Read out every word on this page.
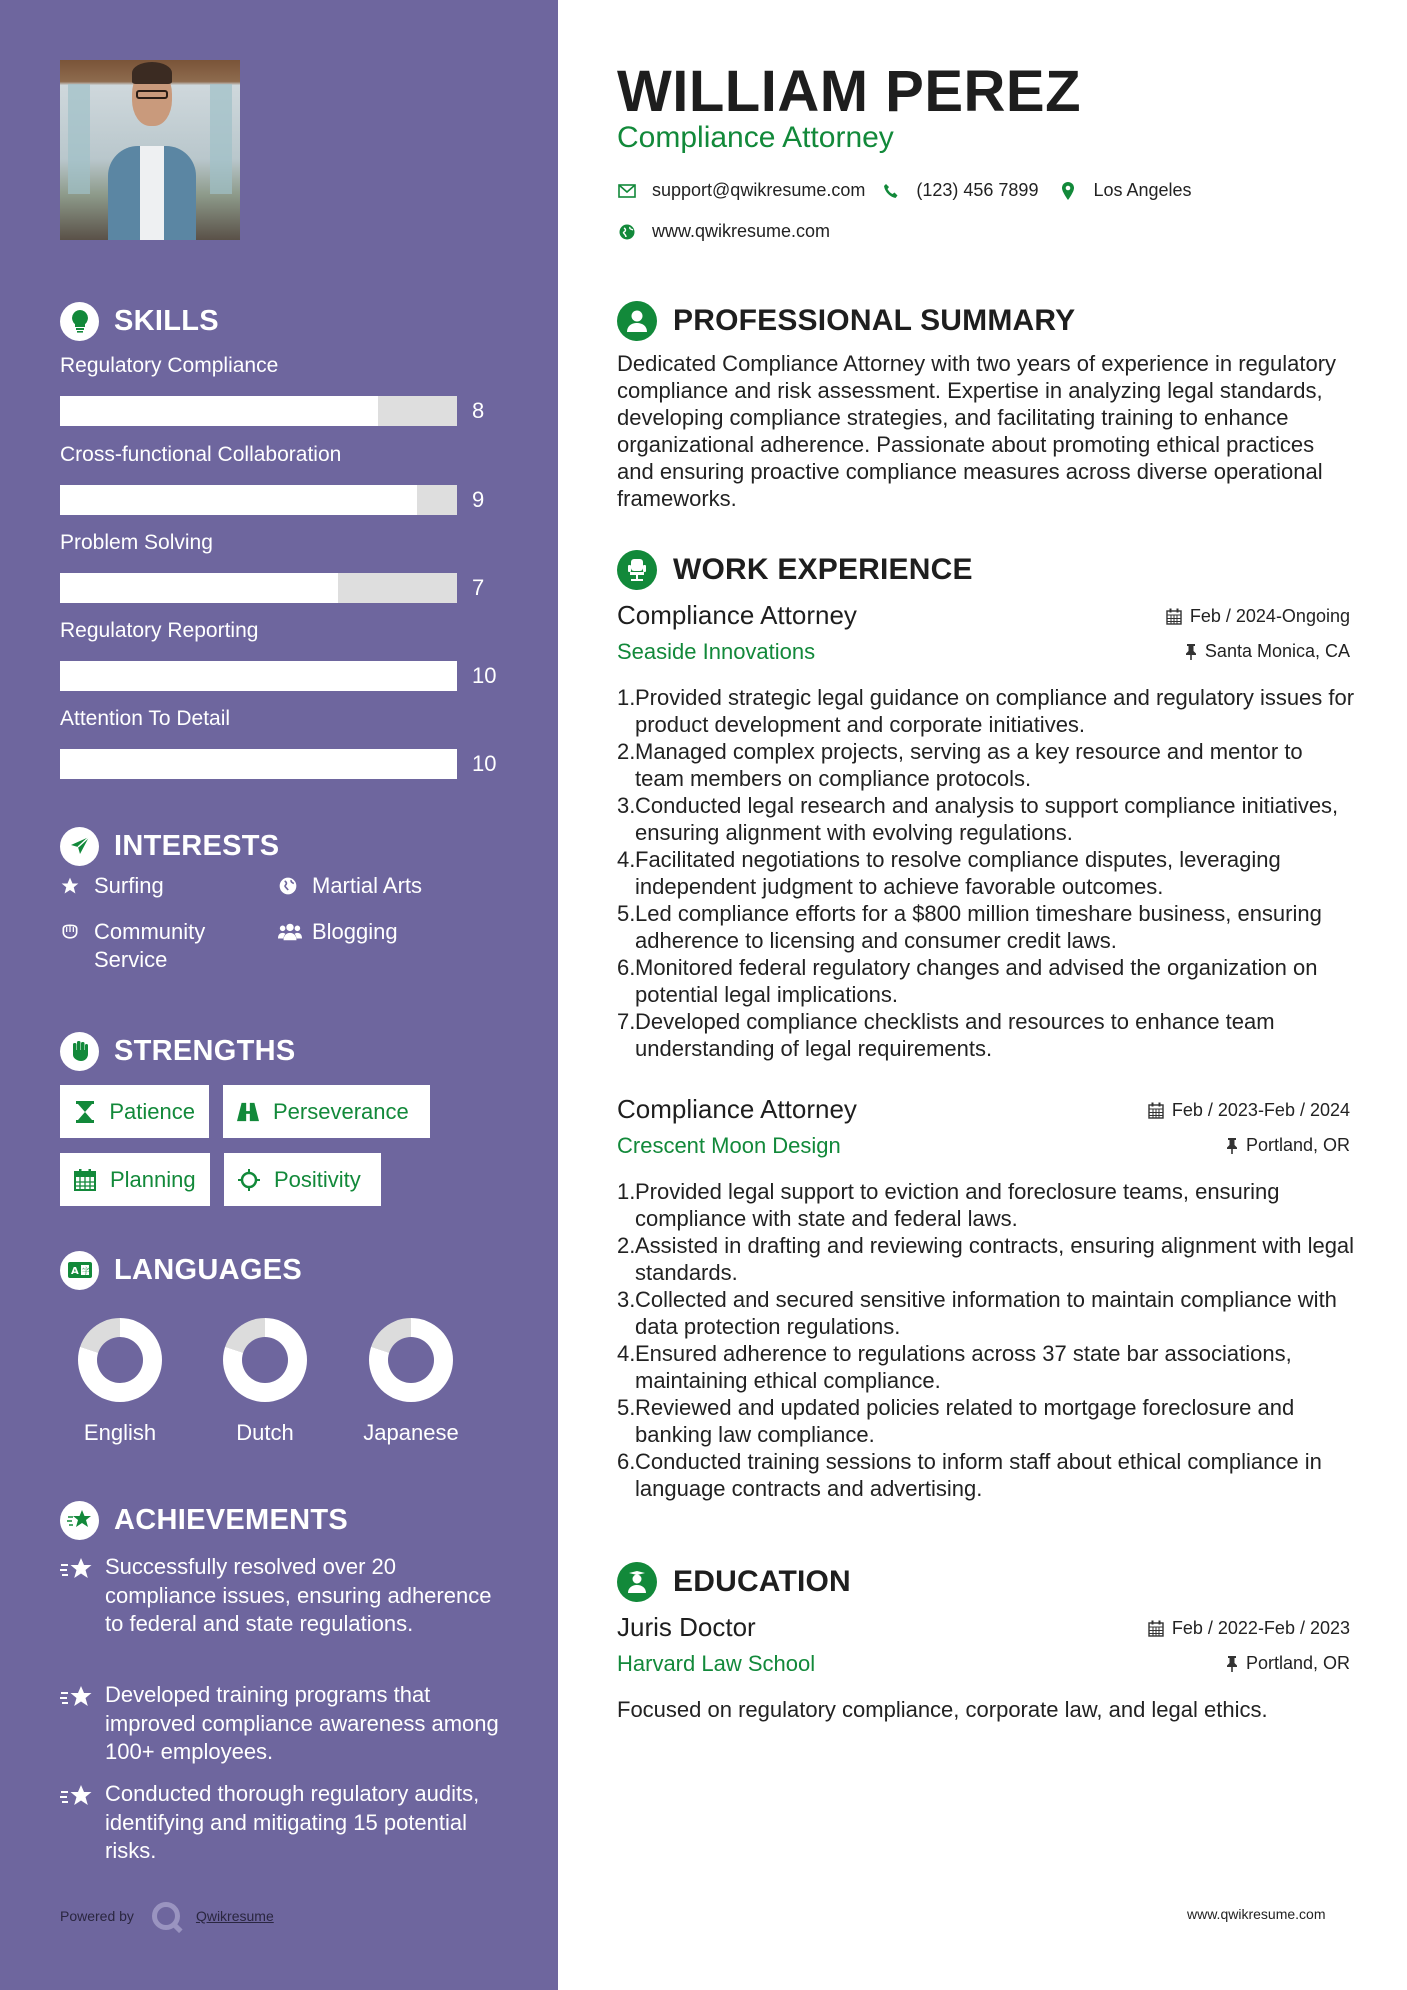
SKILLS
Regulatory Compliance
8
Cross-functional Collaboration
9
Problem Solving
7
Regulatory Reporting
10
Attention To Detail
10
INTERESTS
Surfing	Martial Arts
Community Service
Blogging
STRENGTHS
Patience	Perseverance
Planning	Positivity
A 字 LANGUAGES
English	Dutch	Japanese
ACHIEVEMENTS
Successfully resolved over 20 compliance issues, ensuring adherence to federal and state regulations.
Developed training programs that improved compliance awareness among 100+ employees.
Conducted thorough regulatory audits, identifying and mitigating 15 potential risks.
Powered by	Qwikresume
WILLIAM PEREZ
Compliance Attorney
support@qwikresume.com	(123) 456 7899	Los Angeles
www.qwikresume.com
PROFESSIONAL SUMMARY

Dedicated Compliance Attorney with two years of experience in regulatory compliance and risk assessment. Expertise in analyzing legal standards, developing compliance strategies, and facilitating training to enhance organizational adherence. Passionate about promoting ethical practices and ensuring proactive compliance measures across diverse operational frameworks.

WORK EXPERIENCE
Compliance Attorney
Seaside Innovations
Feb / 2024-Ongoing
Santa Monica, CA
Provided strategic legal guidance on compliance and regulatory issues for product development and corporate initiatives.
Managed complex projects, serving as a key resource and mentor to team members on compliance protocols.
Conducted legal research and analysis to support compliance initiatives, ensuring alignment with evolving regulations.
Facilitated negotiations to resolve compliance disputes, leveraging independent judgment to achieve favorable outcomes.
Led compliance efforts for a $800 million timeshare business, ensuring adherence to licensing and consumer credit laws.
Monitored federal regulatory changes and advised the organization on potential legal implications.
Developed compliance checklists and resources to enhance team understanding of legal requirements.
Compliance Attorney
Crescent Moon Design
Feb / 2023-Feb / 2024
Portland, OR
Provided legal support to eviction and foreclosure teams, ensuring compliance with state and federal laws.
Assisted in drafting and reviewing contracts, ensuring alignment with legal standards.
Collected and secured sensitive information to maintain compliance with data protection regulations.
Ensured adherence to regulations across 37 state bar associations, maintaining ethical compliance.
Reviewed and updated policies related to mortgage foreclosure and banking law compliance.
Conducted training sessions to inform staff about ethical compliance in language contracts and advertising.
EDUCATION
Juris Doctor
Harvard Law School
Feb / 2022-Feb / 2023
Portland, OR
Focused on regulatory compliance, corporate law, and legal ethics.
www.qwikresume.com
